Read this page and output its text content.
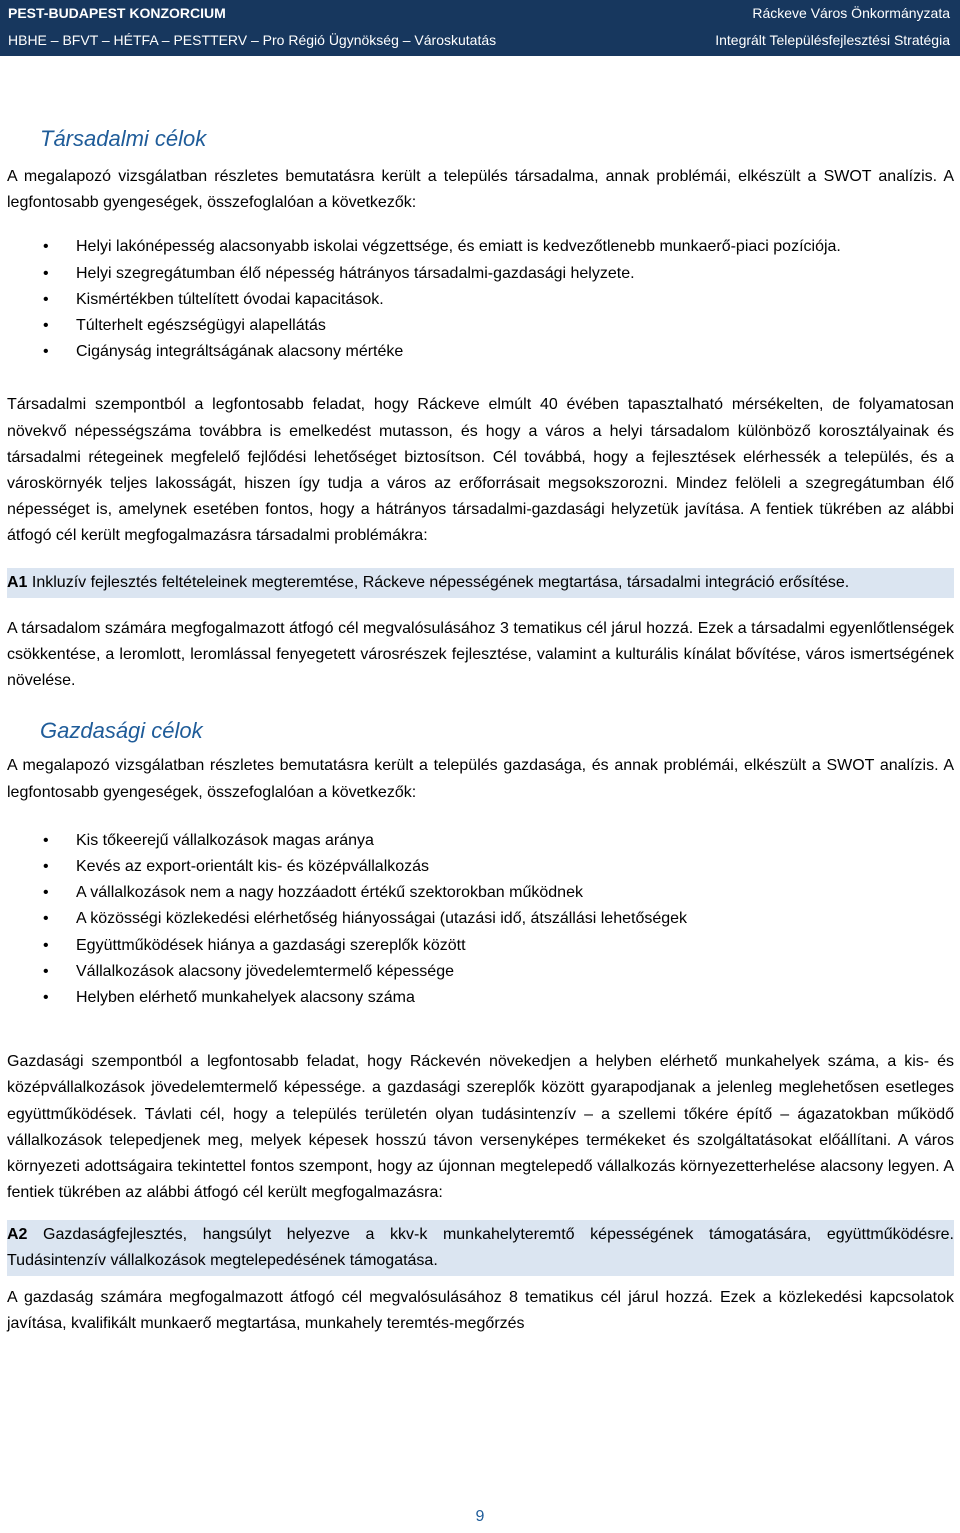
PEST-BUDAPEST KONZORCIUM	Ráckeve Város Önkormányzata
HBHE – BFVT – HÉTFA – PESTTERV – Pro Régió Ügynökség – Városkutatás	Integrált Településfejlesztési Stratégia
Társadalmi célok

A megalapozó vizsgálatban részletes bemutatásra került a település társadalma, annak problémái, elkészült a SWOT analízis. A legfontosabb gyengeségek, összefoglalóan a következők:

• Helyi lakónépesség alacsonyabb iskolai végzettsége, és emiatt is kedvezőtlenebb munkaerő-piaci pozíciója.
• Helyi szegregátumban élő népesség hátrányos társadalmi-gazdasági helyzete.
• Kismértékben túltelített óvodai kapacitások.
• Túlterhelt egészségügyi alapellátás
• Cigányság integráltságának alacsony mértéke

Társadalmi szempontból a legfontosabb feladat, hogy Ráckeve elmúlt 40 évében tapasztalható mérsékelten, de folyamatosan növekvő népességszáma továbbra is emelkedést mutasson, és hogy a város a helyi társadalom különböző korosztályainak és társadalmi rétegeinek megfelelő fejlődési lehetőséget biztosítson. Cél továbbá, hogy a fejlesztések elérhessék a település, és a városkörnyék teljes lakosságát, hiszen így tudja a város az erőforrásait megsokszorozni. Mindez felöleli a szegregátumban élő népességet is, amelynek esetében fontos, hogy a hátrányos társadalmi-gazdasági helyzetük javítása. A fentiek tükrében az alábbi átfogó cél került megfogalmazásra társadalmi problémákra:

A1 Inkluzív fejlesztés feltételeinek megteremtése, Ráckeve népességének megtartása, társadalmi integráció erősítése.

A társadalom számára megfogalmazott átfogó cél megvalósulásához 3 tematikus cél járul hozzá. Ezek a társadalmi egyenlőtlenségek csökkentése, a leromlott, leromlással fenyegetett városrészek fejlesztése, valamint a kulturális kínálat bővítése, város ismertségének növelése.

Gazdasági célok

A megalapozó vizsgálatban részletes bemutatásra került a település gazdasága, és annak problémái, elkészült a SWOT analízis. A legfontosabb gyengeségek, összefoglalóan a következők:

• Kis tőkeerejű vállalkozások magas aránya
• Kevés az export-orientált kis- és középvállalkozás
• A vállalkozások nem a nagy hozzáadott értékű szektorokban működnek
• A közösségi közlekedési elérhetőség hiányosságai (utazási idő, átszállási lehetőségek
• Együttműködések hiánya a gazdasági szereplők között
• Vállalkozások alacsony jövedelemtermelő képessége
• Helyben elérhető munkahelyek alacsony száma

Gazdasági szempontból a legfontosabb feladat, hogy Ráckevén növekedjen a helyben elérhető munkahelyek száma, a kis- és középvállalkozások jövedelemtermelő képessége. a gazdasági szereplők között gyarapodjanak a jelenleg meglehetősen esetleges együttműködések. Távlati cél, hogy a település területén olyan tudásintenzív – a szellemi tőkére építő – ágazatokban működő vállalkozások telepedjenek meg, melyek képesek hosszú távon versenyképes termékeket és szolgáltatásokat előállítani. A város környezeti adottságaira tekintettel fontos szempont, hogy az újonnan megtelepedő vállalkozás környezetterhelése alacsony legyen. A fentiek tükrében az alábbi átfogó cél került megfogalmazásra:

A2 Gazdaságfejlesztés, hangsúlyt helyezve a kkv-k munkahelyteremtő képességének támogatására, együttműködésre. Tudásintenzív vállalkozások megtelepedésének támogatása.

A gazdaság számára megfogalmazott átfogó cél megvalósulásához 8 tematikus cél járul hozzá. Ezek a közlekedési kapcsolatok javítása, kvalifikált munkaerő megtartása, munkahely teremtés-megőrzés

9
